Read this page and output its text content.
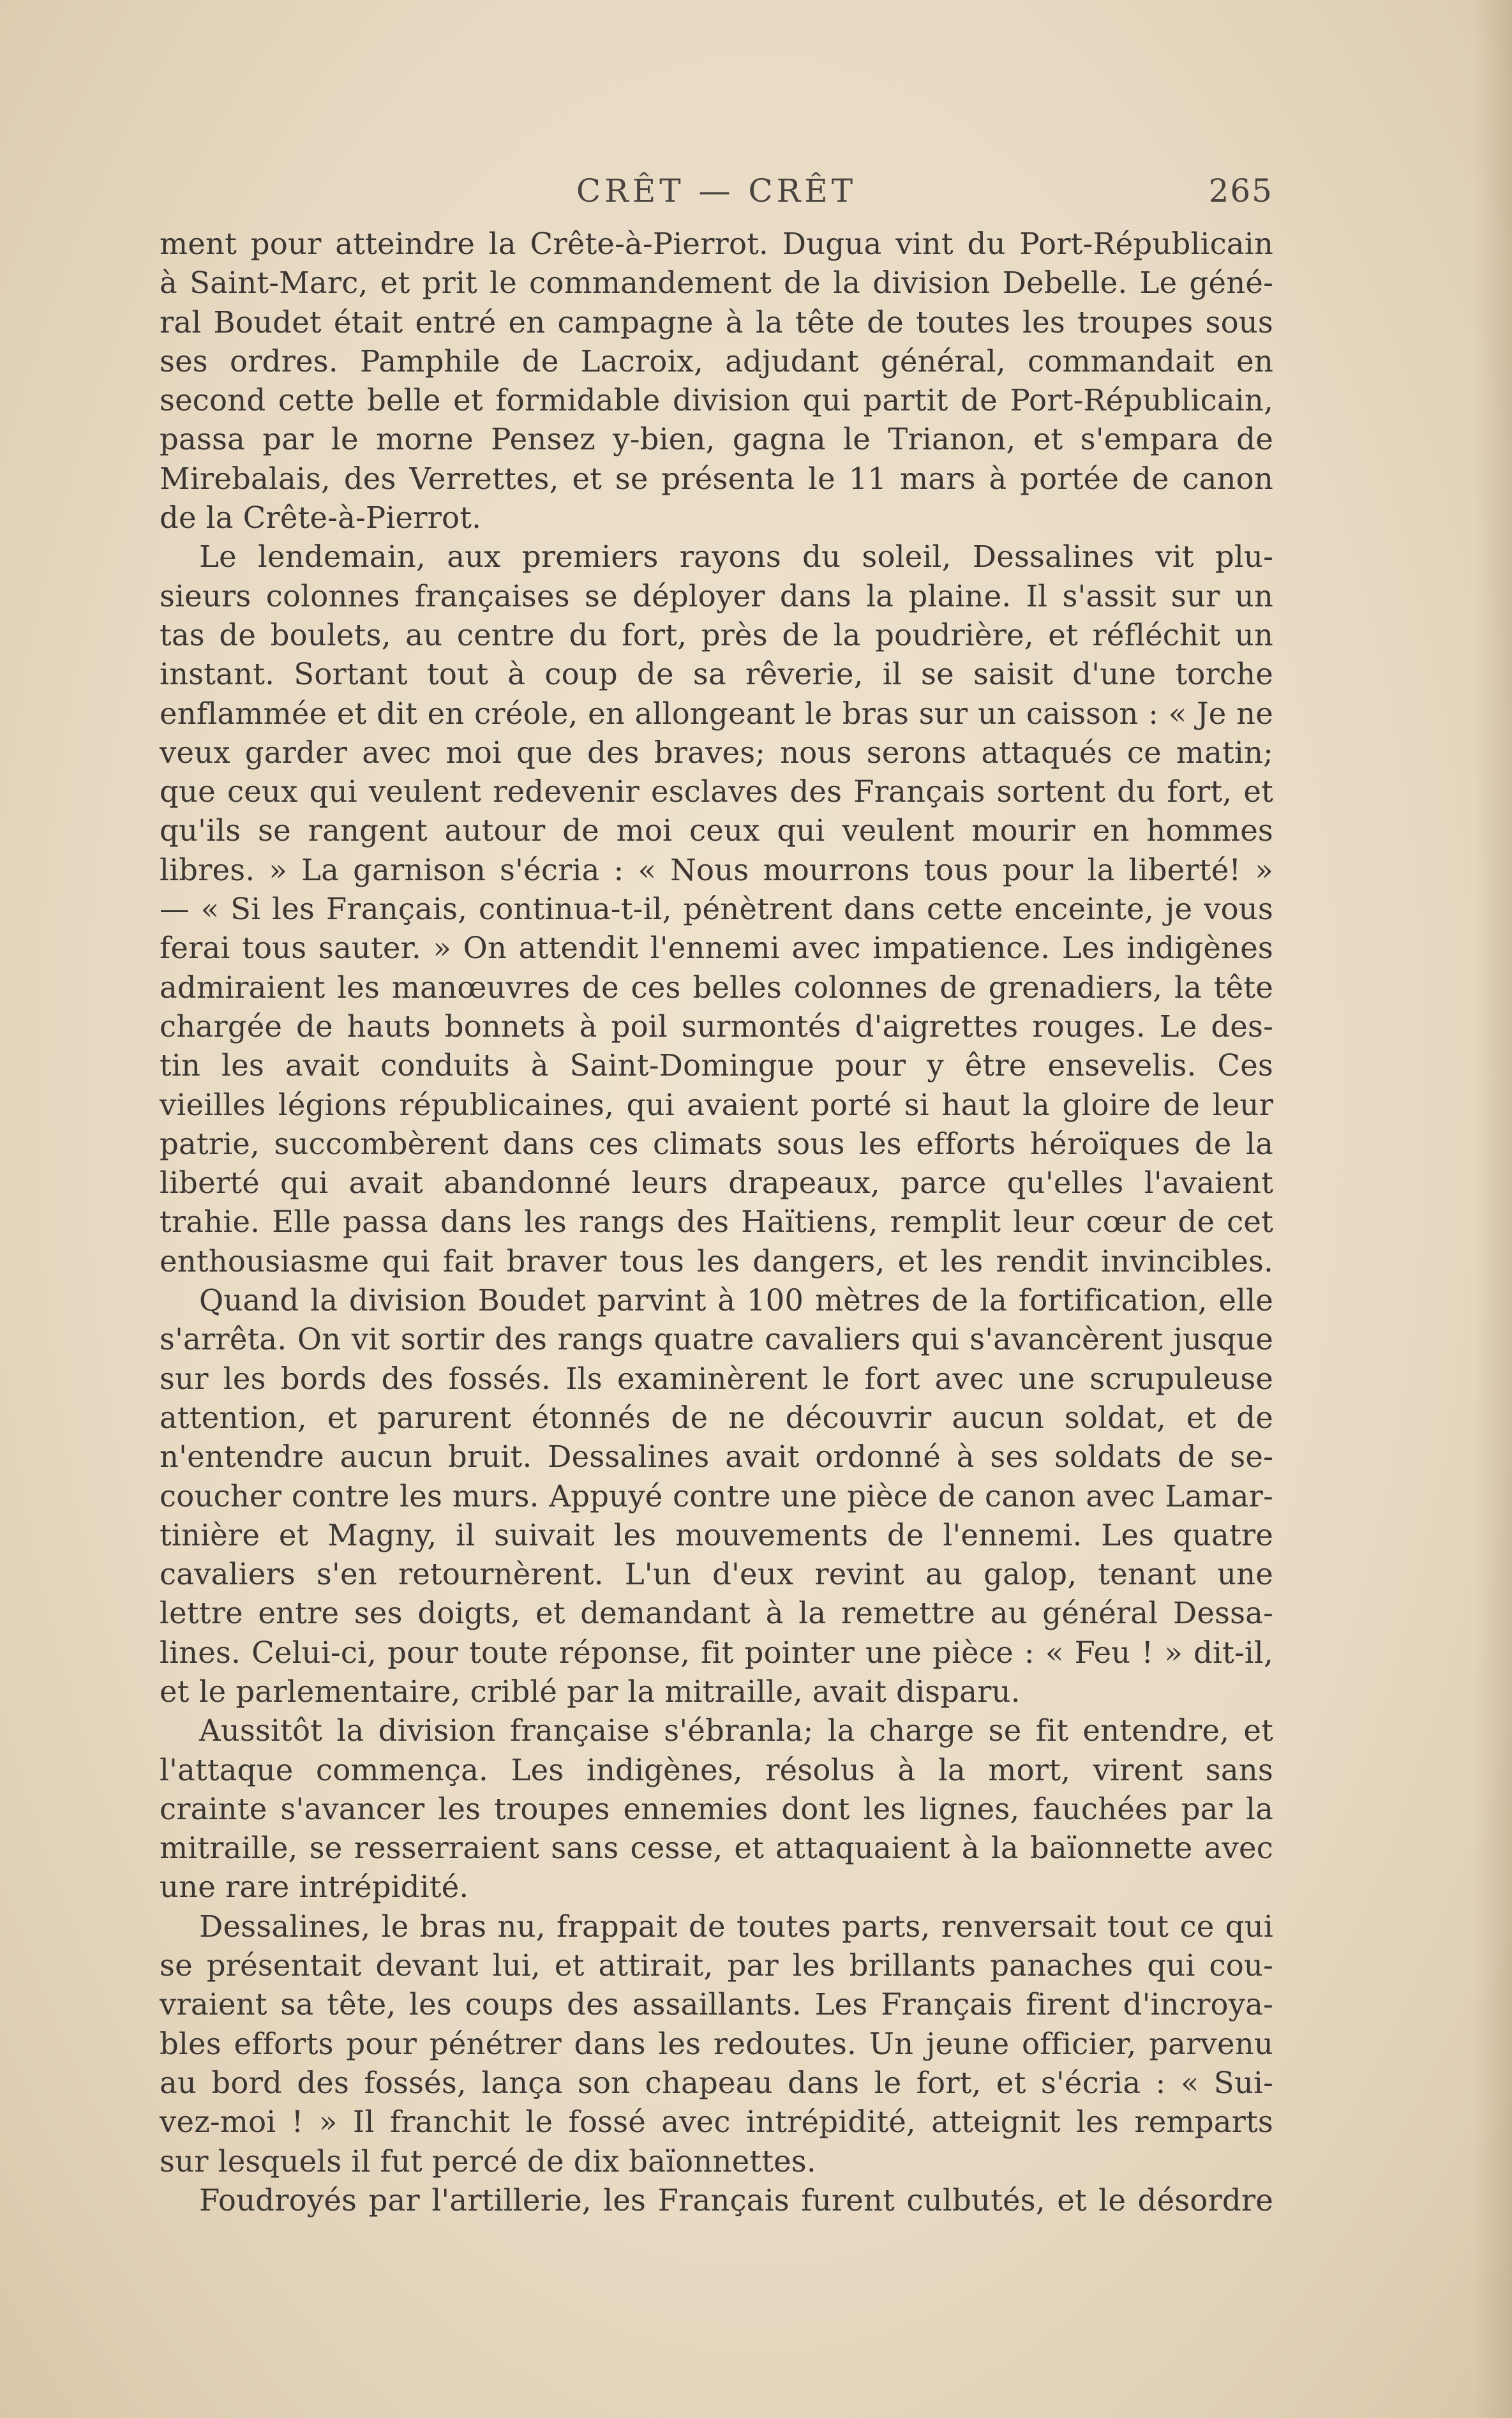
CRÊT — CRÊT	265
ment pour atteindre la Crête-à-Pierrot. Dugua vint du Port-Républicain
à Saint-Marc, et prit le commandement de la division Debelle. Le géné-
ral Boudet était entré en campagne à la tête de toutes les troupes sous
ses ordres. Pamphile de Lacroix, adjudant général, commandait en
second cette belle et formidable division qui partit de Port-Républicain,
passa par le morne Pensez y-bien, gagna le Trianon, et s'empara de
Mirebalais, des Verrettes, et se présenta le 11 mars à portée de canon
de la Crête-à-Pierrot.
Le lendemain, aux premiers rayons du soleil, Dessalines vit plu-
sieurs colonnes françaises se déployer dans la plaine. Il s'assit sur un
tas de boulets, au centre du fort, près de la poudrière, et réfléchit un
instant. Sortant tout à coup de sa rêverie, il se saisit d'une torche
enflammée et dit en créole, en allongeant le bras sur un caisson : « Je ne
veux garder avec moi que des braves; nous serons attaqués ce matin;
que ceux qui veulent redevenir esclaves des Français sortent du fort, et
qu'ils se rangent autour de moi ceux qui veulent mourir en hommes
libres. » La garnison s'écria : « Nous mourrons tous pour la liberté! »
— « Si les Français, continua-t-il, pénètrent dans cette enceinte, je vous
ferai tous sauter. » On attendit l'ennemi avec impatience. Les indigènes
admiraient les manœuvres de ces belles colonnes de grenadiers, la tête
chargée de hauts bonnets à poil surmontés d'aigrettes rouges. Le des-
tin les avait conduits à Saint-Domingue pour y être ensevelis. Ces
vieilles légions républicaines, qui avaient porté si haut la gloire de leur
patrie, succombèrent dans ces climats sous les efforts héroïques de la
liberté qui avait abandonné leurs drapeaux, parce qu'elles l'avaient
trahie. Elle passa dans les rangs des Haïtiens, remplit leur cœur de cet
enthousiasme qui fait braver tous les dangers, et les rendit invincibles.
Quand la division Boudet parvint à 100 mètres de la fortification, elle
s'arrêta. On vit sortir des rangs quatre cavaliers qui s'avancèrent jusque
sur les bords des fossés. Ils examinèrent le fort avec une scrupuleuse
attention, et parurent étonnés de ne découvrir aucun soldat, et de
n'entendre aucun bruit. Dessalines avait ordonné à ses soldats de se-
coucher contre les murs. Appuyé contre une pièce de canon avec Lamar-
tinière et Magny, il suivait les mouvements de l'ennemi. Les quatre
cavaliers s'en retournèrent. L'un d'eux revint au galop, tenant une
lettre entre ses doigts, et demandant à la remettre au général Dessa-
lines. Celui-ci, pour toute réponse, fit pointer une pièce : « Feu ! » dit-il,
et le parlementaire, criblé par la mitraille, avait disparu.
Aussitôt la division française s'ébranla; la charge se fit entendre, et
l'attaque commença. Les indigènes, résolus à la mort, virent sans
crainte s'avancer les troupes ennemies dont les lignes, fauchées par la
mitraille, se resserraient sans cesse, et attaquaient à la baïonnette avec
une rare intrépidité.
Dessalines, le bras nu, frappait de toutes parts, renversait tout ce qui
se présentait devant lui, et attirait, par les brillants panaches qui cou-
vraient sa tête, les coups des assaillants. Les Français firent d'incroya-
bles efforts pour pénétrer dans les redoutes. Un jeune officier, parvenu
au bord des fossés, lança son chapeau dans le fort, et s'écria : « Sui-
vez-moi ! » Il franchit le fossé avec intrépidité, atteignit les remparts
sur lesquels il fut percé de dix baïonnettes.
Foudroyés par l'artillerie, les Français furent culbutés, et le désordre
